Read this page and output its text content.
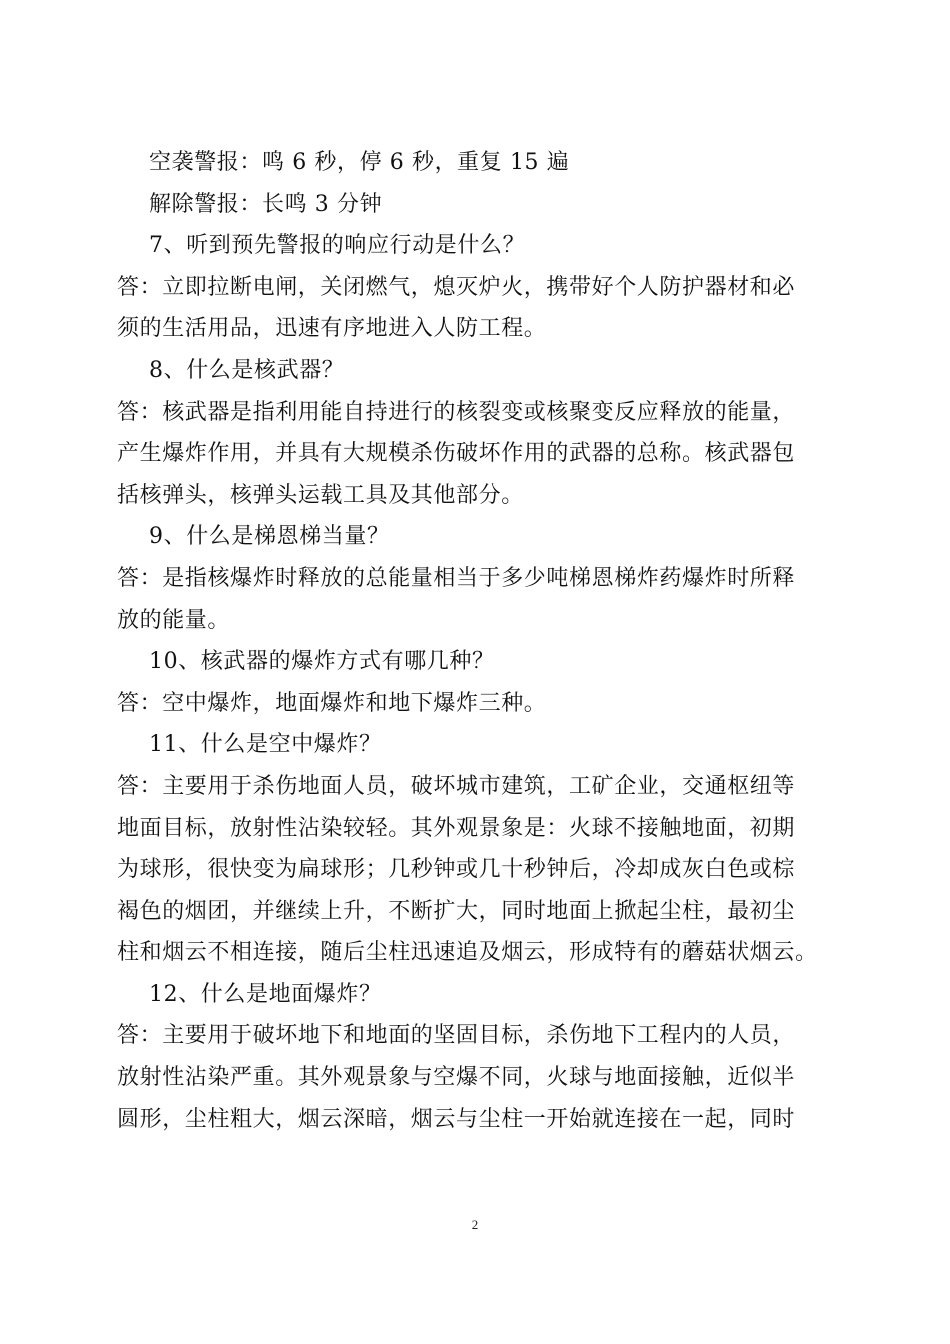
空袭警报：鸣 6 秒，停 6 秒，重复 15 遍
解除警报：长鸣 3 分钟
7、听到预先警报的响应行动是什么？
答：立即拉断电闸，关闭燃气，熄灭炉火，携带好个人防护器材和必
须的生活用品，迅速有序地进入人防工程。
8、什么是核武器？
答：核武器是指利用能自持进行的核裂变或核聚变反应释放的能量，
产生爆炸作用，并具有大规模杀伤破坏作用的武器的总称。核武器包
括核弹头，核弹头运载工具及其他部分。
9、什么是梯恩梯当量？
答：是指核爆炸时释放的总能量相当于多少吨梯恩梯炸药爆炸时所释
放的能量。
10、核武器的爆炸方式有哪几种？
答：空中爆炸，地面爆炸和地下爆炸三种。
11、什么是空中爆炸？
答：主要用于杀伤地面人员，破坏城市建筑，工矿企业，交通枢纽等
地面目标，放射性沾染较轻。其外观景象是：火球不接触地面，初期
为球形，很快变为扁球形；几秒钟或几十秒钟后，冷却成灰白色或棕
褐色的烟团，并继续上升，不断扩大，同时地面上掀起尘柱，最初尘
柱和烟云不相连接，随后尘柱迅速追及烟云，形成特有的蘑菇状烟云。
12、什么是地面爆炸？
答：主要用于破坏地下和地面的坚固目标，杀伤地下工程内的人员，
放射性沾染严重。其外观景象与空爆不同，火球与地面接触，近似半
圆形，尘柱粗大，烟云深暗，烟云与尘柱一开始就连接在一起，同时
2
